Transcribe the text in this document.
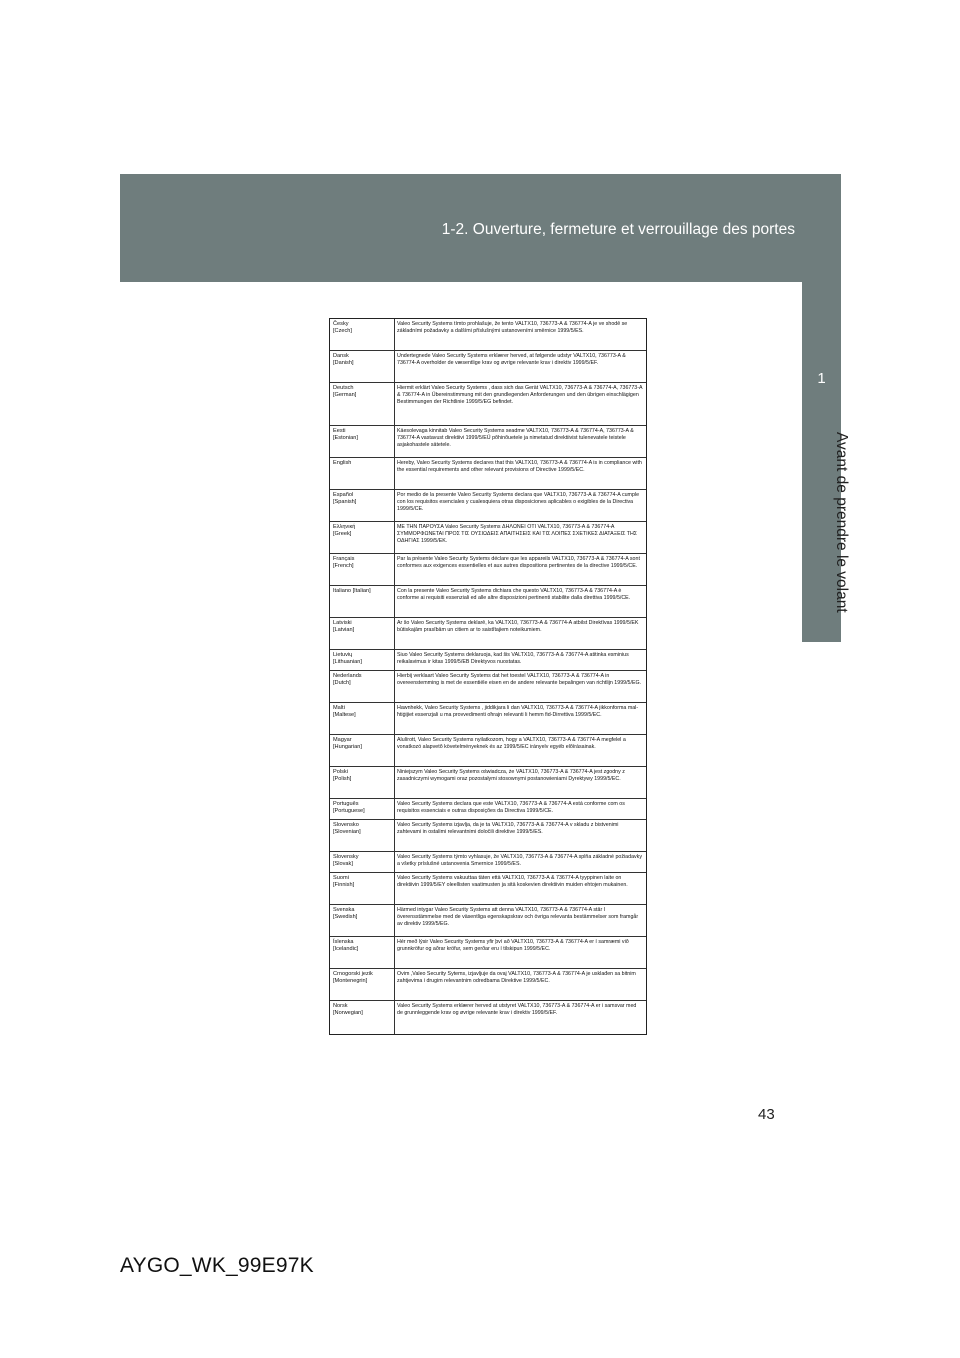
1-2. Ouverture, fermeture et verrouillage des portes
1
Avant de prendre le volant
Česky
[Czech]
Valeo Security Systems tímto prohlašuje, že tento VALTX10, 736773-A & 736774-A je ve shodě se základními požadavky a dalšími příslušnými ustanoveními směrnice 1999/5/ES.
Dansk
[Danish]
Undertegnede Valeo Security Systems erklærer herved, at følgende udstyr VALTX10, 736773-A & 736774-A overholder de væsentlige krav og øvrige relevante krav i direktiv 1999/5/EF.
Deutsch
[German]
Hiermit erklärt Valeo Security Systems , dass sich das Gerät VALTX10, 736773-A & 736774-A, 736773-A & 736774-A in Übereinstimmung mit den grundlegenden Anforderungen und den übrigen einschlägigen Bestimmungen der Richtlinie 1999/5/EG befindet.
Eesti
[Estonian]
Käesolevaga kinnitab Valeo Security Systems seadme VALTX10, 736773-A & 736774-A, 736773-A & 736774-A vastavust direktiivi 1999/5/EÜ põhinõuetele ja nimetatud direktiivist tulenevatele teistele asjakohastele sätetele.
English	Hereby, Valeo Security Systems declares that this VALTX10, 736773-A & 736774-A is in compliance with the essential requirements and other relevant provisions of Directive 1999/5/EC.
Español
[Spanish]
Por medio de la presente Valeo Security Systems declara que VALTX10, 736773-A & 736774-A cumple con los requisitos esenciales y cualesquiera otras disposiciones aplicables o exigibles de la Directiva 1999/5/CE.
Ελληνική
[Greek]
ΜΕ ΤΗΝ ΠΑΡΟΥΣΑ Valeo Security Systems ΔΗΛΩΝΕΙ ΟΤΙ VALTX10, 736773-A & 736774-A ΣΥΜΜΟΡΦΩΝΕΤΑΙ ΠΡΟΣ ΤΙΣ ΟΥΣΙΩΔΕΙΣ ΑΠΑΙΤΗΣΕΙΣ ΚΑΙ ΤΙΣ ΛΟΙΠΕΣ ΣΧΕΤΙΚΕΣ ΔΙΑΤΑΞΕΙΣ ΤΗΣ ΟΔΗΓΙΑΣ 1999/5/ΕΚ.
Français
[French]
Par la présente Valeo Security Systems déclare que les appareils VALTX10, 736773-A & 736774-A sont conformes aux exigences essentielles et aux autres dispositions pertinentes de la directive 1999/5/CE.
Italiano [Italian]	Con la presente Valeo Security Systems dichiara che questo VALTX10, 736773-A & 736774-A è conforme ai requisiti essenziali ed alle altre disposizioni pertinenti stabilite dalla direttiva 1999/5/CE.
Latviski
[Latvian]
Ar šo Valeo Security Systems deklarē, ka VALTX10, 736773-A & 736774-A atbilst Direktīvas 1999/5/EK būtiskajām prasībām un citiem ar to saistītajiem noteikumiem.
Lietuvių
[Lithuanian]
Šiuo Valeo Security Systems deklaruoja, kad šis VALTX10, 736773-A & 736774-A atitinka esminius reikalavimus ir kitas 1999/5/EB Direktyvos nuostatas.
Nederlands
[Dutch]
Hierbij verklaart Valeo Security Systems dat het toestel VALTX10, 736773-A & 736774-A in overeenstemming is met de essentiële eisen en de andere relevante bepalingen van richtlijn 1999/5/EG.
Malti
[Maltese]
Hawnhekk, Valeo Security Systems , jiddikjara li dan VALTX10, 736773-A & 736774-A jikkonforma mal-ħtiġijiet essenzjali u ma provvedimenti oħrajn relevanti li hemm fid-Dirrettiva 1999/5/EC.
Magyar
[Hungarian]
Alulírott, Valeo Security Systems nyilatkozom, hogy a VALTX10, 736773-A & 736774-A megfelel a vonatkozó alapvetõ követelményeknek és az 1999/5/EC irányelv egyéb elõírásainak.
Polski
[Polish]
Niniejszym Valeo Security Systems oświadcza, że VALTX10, 736773-A & 736774-A jest zgodny z zasadniczymi wymogami oraz pozostałymi stosownymi postanowieniami Dyrektywy 1999/5/EC.
Português
[Portuguese]
Valeo Security Systems declara que este VALTX10, 736773-A & 736774-A está conforme com os requisitos essenciais e outras disposições da Directiva 1999/5/CE.
Slovensko
[Slovenian]
Valeo Security Systems izjavlja, da je ta VALTX10, 736773-A & 736774-A v skladu z bistvenimi zahtevami in ostalimi relevantnimi določili direktive 1999/5/ES.
Slovensky
[Slovak]
Valeo Security Systems týmto vyhlasuje, že VALTX10, 736773-A & 736774-A spĺňa základné požiadavky a všetky príslušné ustanovenia Smernice 1999/5/ES.
Suomi
[Finnish]
Valeo Security Systems vakuuttaa täten että VALTX10, 736773-A & 736774-A tyyppinen laite on direktiivin 1999/5/EY oleellisten vaatimusten ja sitä koskevien direktiivin muiden ehtojen mukainen.
Svenska
[Swedish]
Härmed intygar Valeo Security Systems att denna VALTX10, 736773-A & 736774-A står I överensstämmelse med de väsentliga egenskapskrav och övriga relevanta bestämmelser som framgår av direktiv 1999/5/EG.
Íslenska
[Icelandic]
Hér með lýsir Valeo Security Systems yfir því að VALTX10, 736773-A & 736774-A er í samræmi við grunnkröfur og aðrar kröfur, sem gerðar eru í tilskipun 1999/5/EC.
Crnogorski jezik
[Montenegrin]
Ovim ,Valeo Security Sytems, izjavljuje da ovaj VALTX10, 736773-A & 736774-A je usklađen sa bitnim zahtjevima i drugim relevantnim odredbama Direktive 1999/5/EC.
Norsk
[Norwegian]
Valeo Security Systems erklærer herved at utstyret VALTX10, 736773-A & 736774-A er i samsvar med de grunnleggende krav og øvrige relevante krav i direktiv 1999/5/EF.
43
AYGO_WK_99E97K
